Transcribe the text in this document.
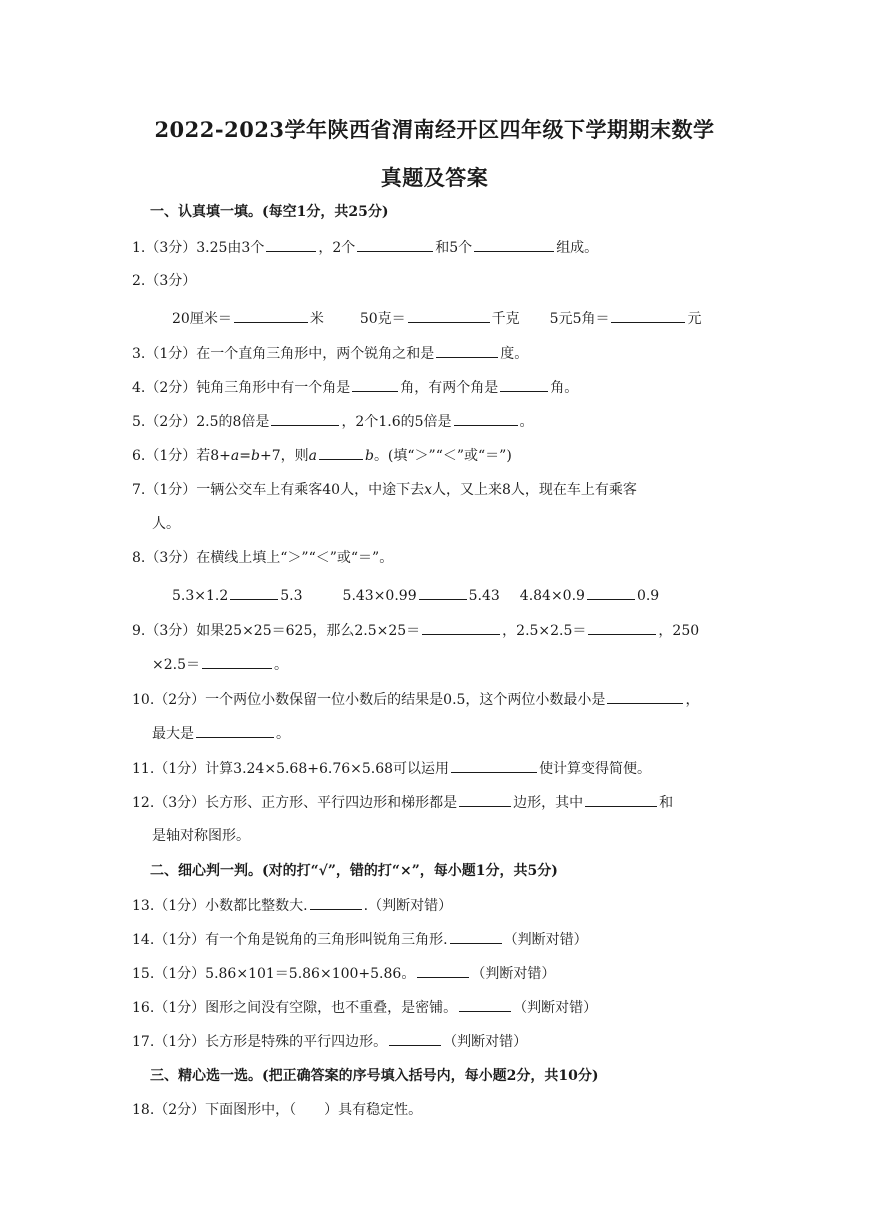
2022-2023学年陕西省渭南经开区四年级下学期期末数学
真题及答案
一、认真填一填。(每空1分，共25分)
1.（3分）3.25由3个	，2个	和5个	组成。
2.（3分）
20厘米＝	米	50克＝	千克 5元5角＝	元
3.（1分）在一个直角三角形中，两个锐角之和是	度。
4.（2分）钝角三角形中有一个角是	角，有两个角是	角。
5.（2分）2.5的8倍是	，2个1.6的5倍是	。
6.（1分）若8+a=b+7，则a	b。(填“＞”“＜”或“＝”)
7.（1分）一辆公交车上有乘客40人，中途下去x人，又上来8人，现在车上有乘客
人。
8.（3分）在横线上填上“＞”“＜”或“＝”。
5.3×1.2	5.3	5.43×0.99	5.43 4.84×0.9	0.9
9.（3分）如果25×25＝625，那么2.5×25＝	，2.5×2.5＝	，250
×2.5＝	。
10.（2分）一个两位小数保留一位小数后的结果是0.5，这个两位小数最小是	，
最大是	。
11.（1分）计算3.24×5.68+6.76×5.68可以运用	使计算变得简便。
12.（3分）长方形、正方形、平行四边形和梯形都是	边形，其中	和
是轴对称图形。
二、细心判一判。(对的打“√”，错的打“×”，每小题1分，共5分)
13.（1分）小数都比整数大.	.（判断对错）
14.（1分）有一个角是锐角的三角形叫锐角三角形.	（判断对错）
15.（1分）5.86×101＝5.86×100+5.86。	（判断对错）
16.（1分）图形之间没有空隙，也不重叠，是密铺。	（判断对错）
17.（1分）长方形是特殊的平行四边形。	（判断对错）
三、精心选一选。(把正确答案的序号填入括号内，每小题2分，共10分)
18.（2分）下面图形中，（　　）具有稳定性。
